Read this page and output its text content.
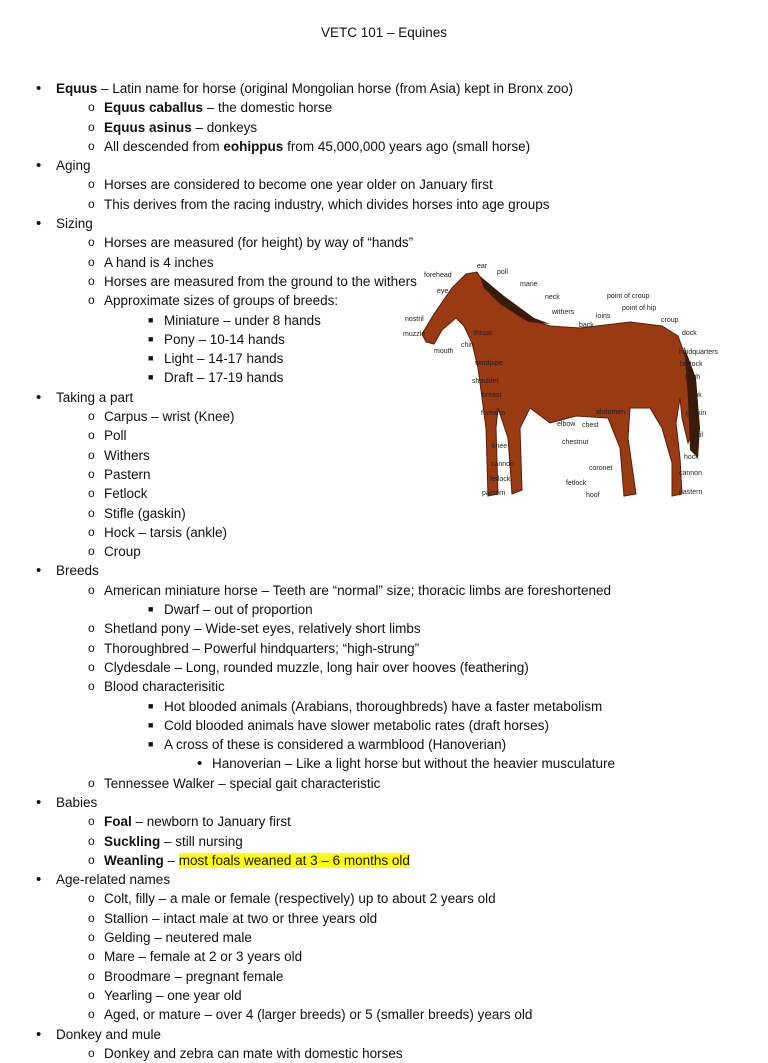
VETC 101 – Equines
• Equus – Latin name for horse (original Mongolian horse (from Asia) kept in Bronx zoo)
o Equus caballus – the domestic horse
o Equus asinus – donkeys
o All descended from eohippus from 45,000,000 years ago (small horse)
• Aging
o Horses are considered to become one year older on January first
o This derives from the racing industry, which divides horses into age groups
• Sizing
o Horses are measured (for height) by way of “hands”
o A hand is 4 inches
o Horses are measured from the ground to the withers
o Approximate sizes of groups of breeds:
■ Miniature – under 8 hands
■ Pony – 10-14 hands
■ Light – 14-17 hands
■ Draft – 17-19 hands
• Taking a part
o Carpus – wrist (Knee)
o Poll
o Withers
o Pastern
o Fetlock
o Stifle (gaskin)
o Hock – tarsis (ankle)
o Croup
• Breeds
o American miniature horse – Teeth are “normal” size; thoracic limbs are foreshortened
■ Dwarf – out of proportion
o Shetland pony – Wide-set eyes, relatively short limbs
o Thoroughbred – Powerful hindquarters; “high-strung”
o Clydesdale – Long, rounded muzzle, long hair over hooves (feathering)
o Blood characterisitic
■ Hot blooded animals (Arabians, thoroughbreds) have a faster metabolism
■ Cold blooded animals have slower metabolic rates (draft horses)
■ A cross of these is considered a warmblood (Hanoverian)
• Hanoverian – Like a light horse but without the heavier musculature
o Tennessee Walker – special gait characteristic
• Babies
o Foal – newborn to January first
o Suckling – still nursing
o Weanling – most foals weaned at 3 – 6 months old
• Age-related names
o Colt, filly – a male or female (respectively) up to about 2 years old
o Stallion – intact male at two or three years old
o Gelding – neutered male
o Mare – female at 2 or 3 years old
o Broodmare – pregnant female
o Yearling – one year old
o Aged, or mature – over 4 (larger breeds) or 5 (smaller breeds) years old
• Donkey and mule
o Donkey and zebra can mate with domestic horses
ear
poll
forehead
eye
mane
neck
withers
nostril	loins
point of croup
point of hip
croup
back
muzzle	throat	dock
chin
mouth	hindquarters
windpipe	buttock
shoulder
thigh
breast	flank
forearm	abdomen	gaskin
elbow chest
tail
chestnut
knee
hock
cannon
coronet
cannon
fetlock
fetlock
pastern	hoof	pastern
